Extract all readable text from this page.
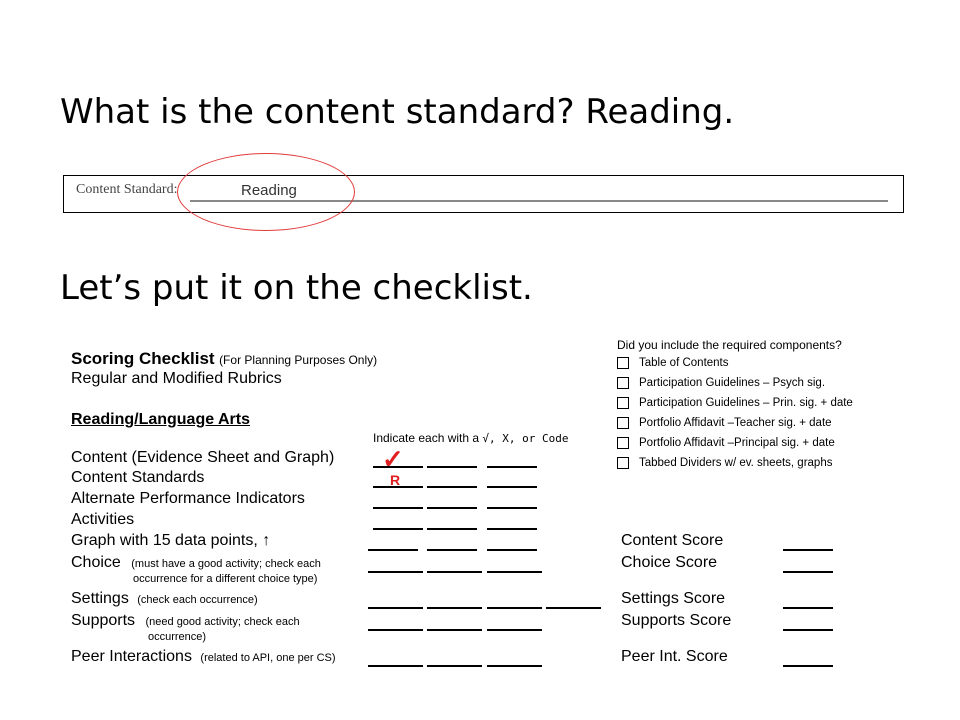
What is the content standard? Reading.
Content Standard:	Reading
Let’s put it on the checklist.
Scoring Checklist (For Planning Purposes Only)
Regular and Modified Rubrics
Reading/Language Arts
Indicate each with a √, X, or Code
Content (Evidence Sheet and Graph)
Content Standards
Alternate Performance Indicators
Activities
Graph with 15 data points, ↑
Choice (must have a good activity; check each
occurrence for a different choice type)
Settings (check each occurrence)
Supports (need good activity; check each
occurrence)
Peer Interactions (related to API, one per CS)
✓
R
Did you include the required components?
Table of Contents
Participation Guidelines – Psych sig.
Participation Guidelines – Prin. sig. + date
Portfolio Affidavit –Teacher sig. + date
Portfolio Affidavit –Principal sig. + date
Tabbed Dividers w/ ev. sheets, graphs
Content Score
Choice Score
Settings Score
Supports Score
Peer Int. Score
